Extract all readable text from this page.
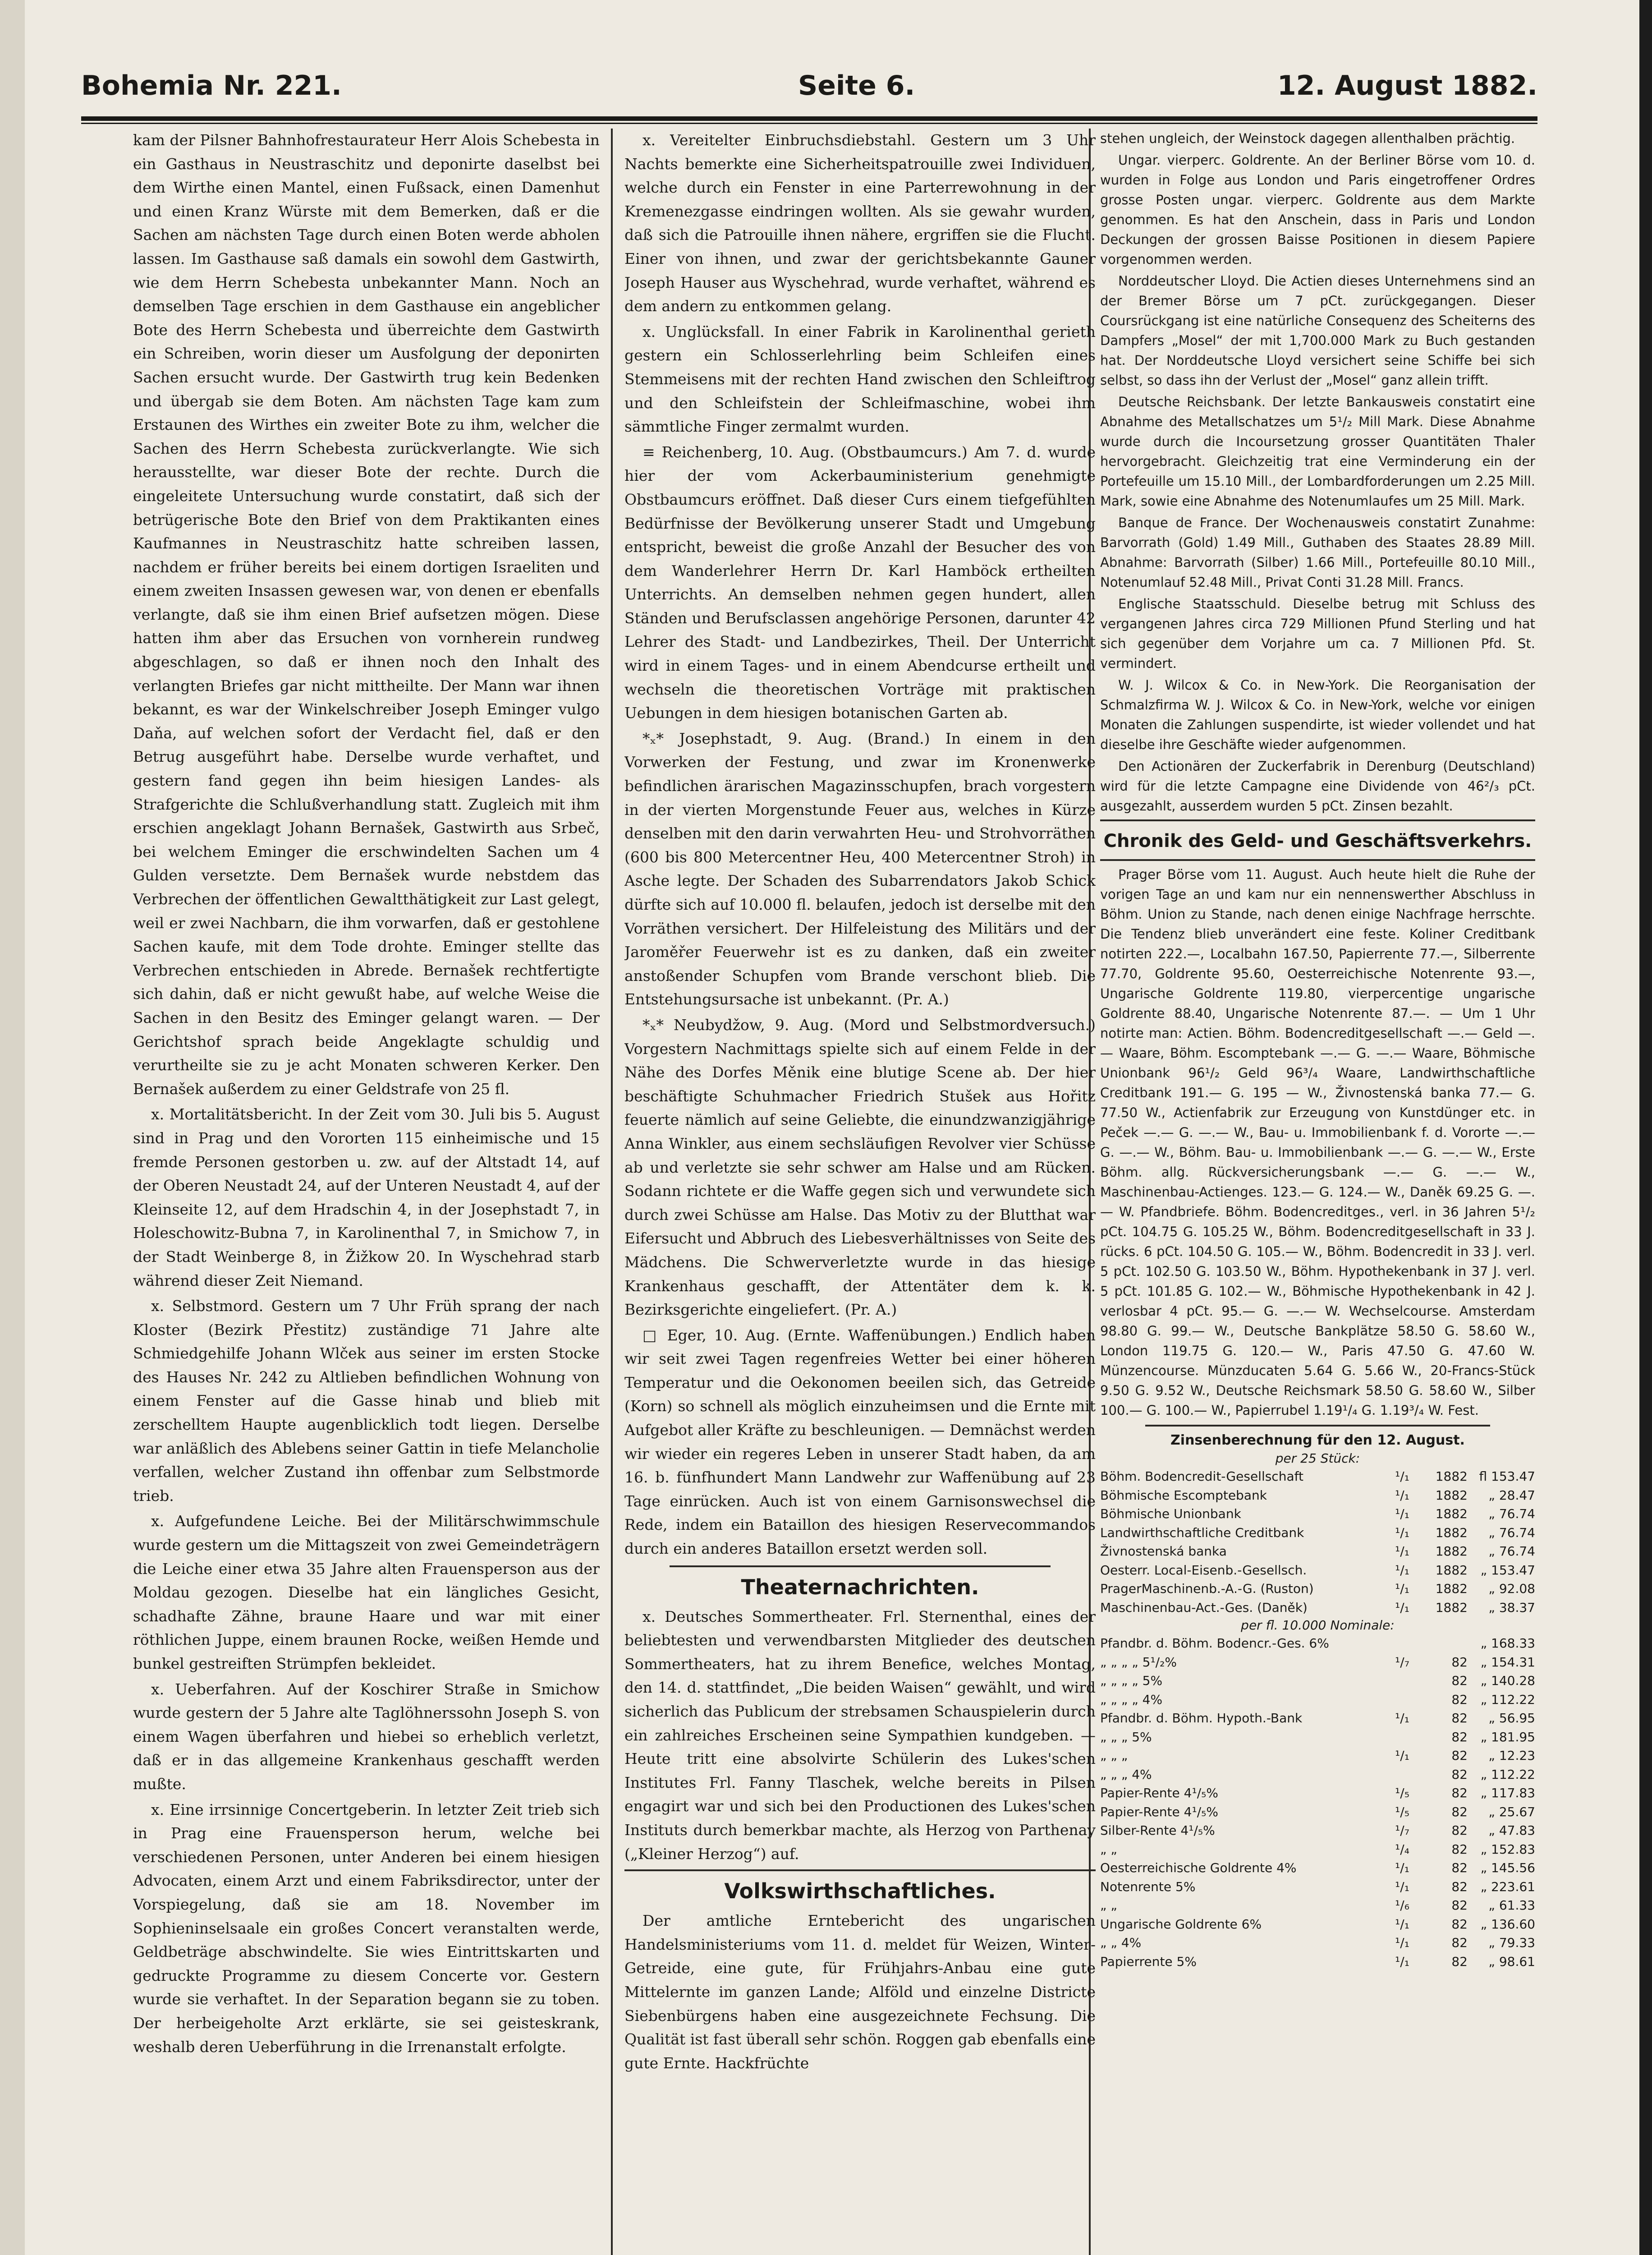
Bohemia Nr. 221.	Seite 6.	12. August 1882.

kam der Pilsner Bahnhofrestaurateur Herr Alois Schebesta in ein Gasthaus in Neustraschitz und deponirte daselbst bei dem Wirthe einen Mantel, einen Fußsack, einen Damenhut und einen Kranz Würste mit dem Bemerken, daß er die Sachen am nächsten Tage durch einen Boten werde abholen lassen. Im Gasthause saß damals ein sowohl dem Gastwirth, wie dem Herrn Schebesta unbekannter Mann. Noch an demselben Tage erschien in dem Gasthause ein angeblicher Bote des Herrn Schebesta und überreichte dem Gastwirth ein Schreiben, worin dieser um Ausfolgung der deponirten Sachen ersucht wurde. Der Gastwirth trug kein Bedenken und übergab sie dem Boten. Am nächsten Tage kam zum Erstaunen des Wirthes ein zweiter Bote zu ihm, welcher die Sachen des Herrn Schebesta zurückverlangte. Wie sich herausstellte, war dieser Bote der rechte. Durch die eingeleitete Untersuchung wurde constatirt, daß sich der betrügerische Bote den Brief von dem Praktikanten eines Kaufmannes in Neustraschitz hatte schreiben lassen, nachdem er früher bereits bei einem dortigen Israeliten und einem zweiten Insassen gewesen war, von denen er ebenfalls verlangte, daß sie ihm einen Brief aufsetzen mögen. Diese hatten ihm aber das Ersuchen von vornherein rundweg abgeschlagen, so daß er ihnen noch den Inhalt des verlangten Briefes gar nicht mittheilte. Der Mann war ihnen bekannt, es war der Winkelschreiber Joseph Eminger vulgo Daňa, auf welchen sofort der Verdacht fiel, daß er den Betrug ausgeführt habe. Derselbe wurde verhaftet, und gestern fand gegen ihn beim hiesigen Landes- als Strafgerichte die Schlußverhandlung statt. Zugleich mit ihm erschien angeklagt Johann Bernašek, Gastwirth aus Srbeč, bei welchem Eminger die erschwindelten Sachen um 4 Gulden versetzte. Dem Bernašek wurde nebstdem das Verbrechen der öffentlichen Gewaltthätigkeit zur Last gelegt, weil er zwei Nachbarn, die ihm vorwarfen, daß er gestohlene Sachen kaufe, mit dem Tode drohte. Eminger stellte das Verbrechen entschieden in Abrede. Bernašek rechtfertigte sich dahin, daß er nicht gewußt habe, auf welche Weise die Sachen in den Besitz des Eminger gelangt waren. — Der Gerichtshof sprach beide Angeklagte schuldig und verurtheilte sie zu je acht Monaten schweren Kerker. Den Bernašek außerdem zu einer Geldstrafe von 25 fl.

x. Mortalitätsbericht. In der Zeit vom 30. Juli bis 5. August sind in Prag und den Vororten 115 einheimische und 15 fremde Personen gestorben u. zw. auf der Altstadt 14, auf der Oberen Neustadt 24, auf der Unteren Neustadt 4, auf der Kleinseite 12, auf dem Hradschin 4, in der Josephstadt 7, in Holeschowitz-Bubna 7, in Karolinenthal 7, in Smichow 7, in der Stadt Weinberge 8, in Žižkow 20. In Wyschehrad starb während dieser Zeit Niemand.

x. Selbstmord. Gestern um 7 Uhr Früh sprang der nach Kloster (Bezirk Přestitz) zuständige 71 Jahre alte Schmiedgehilfe Johann Wlček aus seiner im ersten Stocke des Hauses Nr. 242 zu Altlieben befindlichen Wohnung von einem Fenster auf die Gasse hinab und blieb mit zerschelltem Haupte augenblicklich todt liegen. Derselbe war anläßlich des Ablebens seiner Gattin in tiefe Melancholie verfallen, welcher Zustand ihn offenbar zum Selbstmorde trieb.

x. Aufgefundene Leiche. Bei der Militärschwimmschule wurde gestern um die Mittagszeit von zwei Gemeindeträgern die Leiche einer etwa 35 Jahre alten Frauensperson aus der Moldau gezogen. Dieselbe hat ein längliches Gesicht, schadhafte Zähne, braune Haare und war mit einer röthlichen Juppe, einem braunen Rocke, weißen Hemde und bunkel gestreiften Strümpfen bekleidet.

x. Ueberfahren. Auf der Koschirer Straße in Smichow wurde gestern der 5 Jahre alte Taglöhnerssohn Joseph S. von einem Wagen überfahren und hiebei so erheblich verletzt, daß er in das allgemeine Krankenhaus geschafft werden mußte.

x. Eine irrsinnige Concertgeberin. In letzter Zeit trieb sich in Prag eine Frauensperson herum, welche bei verschiedenen Personen, unter Anderen bei einem hiesigen Advocaten, einem Arzt und einem Fabriksdirector, unter der Vorspiegelung, daß sie am 18. November im Sophieninselsaale ein großes Concert veranstalten werde, Geldbeträge abschwindelte. Sie wies Eintrittskarten und gedruckte Programme zu diesem Concerte vor. Gestern wurde sie verhaftet. In der Separation begann sie zu toben. Der herbeigeholte Arzt erklärte, sie sei geisteskrank, weshalb deren Ueberführung in die Irrenanstalt erfolgte.

x. Vereitelter Einbruchsdiebstahl. Gestern um 3 Uhr Nachts bemerkte eine Sicherheitspatrouille zwei Individuen, welche durch ein Fenster in eine Parterrewohnung in der Kremenezgasse eindringen wollten. Als sie gewahr wurden, daß sich die Patrouille ihnen nähere, ergriffen sie die Flucht. Einer von ihnen, und zwar der gerichtsbekannte Gauner Joseph Hauser aus Wyschehrad, wurde verhaftet, während es dem andern zu entkommen gelang.

x. Unglücksfall. In einer Fabrik in Karolinenthal gerieth gestern ein Schlosserlehrling beim Schleifen eines Stemmeisens mit der rechten Hand zwischen den Schleiftrog und den Schleifstein der Schleifmaschine, wobei ihm sämmtliche Finger zermalmt wurden.

≡ Reichenberg, 10. Aug. (Obstbaumcurs.) Am 7. d. wurde hier der vom Ackerbauministerium genehmigte Obstbaumcurs eröffnet. Daß dieser Curs einem tiefgefühlten Bedürfnisse der Bevölkerung unserer Stadt und Umgebung entspricht, beweist die große Anzahl der Besucher des von dem Wanderlehrer Herrn Dr. Karl Hamböck ertheilten Unterrichts. An demselben nehmen gegen hundert, allen Ständen und Berufsclassen angehörige Personen, darunter 42 Lehrer des Stadt- und Landbezirkes, Theil. Der Unterricht wird in einem Tages- und in einem Abendcurse ertheilt und wechseln die theoretischen Vorträge mit praktischen Uebungen in dem hiesigen botanischen Garten ab.

*ₓ* Josephstadt, 9. Aug. (Brand.) In einem in den Vorwerken der Festung, und zwar im Kronenwerke befindlichen ärarischen Magazinsschupfen, brach vorgestern in der vierten Morgenstunde Feuer aus, welches in Kürze denselben mit den darin verwahrten Heu- und Strohvorräthen (600 bis 800 Metercentner Heu, 400 Metercentner Stroh) in Asche legte. Der Schaden des Subarrendators Jakob Schick dürfte sich auf 10.000 fl. belaufen, jedoch ist derselbe mit den Vorräthen versichert. Der Hilfeleistung des Militärs und der Jaroměřer Feuerwehr ist es zu danken, daß ein zweiter anstoßender Schupfen vom Brande verschont blieb. Die Entstehungsursache ist unbekannt. (Pr. A.)

*ₓ* Neubydžow, 9. Aug. (Mord und Selbstmordversuch.) Vorgestern Nachmittags spielte sich auf einem Felde in der Nähe des Dorfes Měnik eine blutige Scene ab. Der hier beschäftigte Schuhmacher Friedrich Stušek aus Hořitz feuerte nämlich auf seine Geliebte, die einundzwanzigjährige Anna Winkler, aus einem sechsläufigen Revolver vier Schüsse ab und verletzte sie sehr schwer am Halse und am Rücken. Sodann richtete er die Waffe gegen sich und verwundete sich durch zwei Schüsse am Halse. Das Motiv zu der Blutthat war Eifersucht und Abbruch des Liebesverhältnisses von Seite des Mädchens. Die Schwerverletzte wurde in das hiesige Krankenhaus geschafft, der Attentäter dem k. k. Bezirksgerichte eingeliefert. (Pr. A.)

□ Eger, 10. Aug. (Ernte. Waffenübungen.) Endlich haben wir seit zwei Tagen regenfreies Wetter bei einer höheren Temperatur und die Oekonomen beeilen sich, das Getreide (Korn) so schnell als möglich einzuheimsen und die Ernte mit Aufgebot aller Kräfte zu beschleunigen. — Demnächst werden wir wieder ein regeres Leben in unserer Stadt haben, da am 16. b. fünfhundert Mann Landwehr zur Waffenübung auf 23 Tage einrücken. Auch ist von einem Garnisonswechsel die Rede, indem ein Bataillon des hiesigen Reservecommandos durch ein anderes Bataillon ersetzt werden soll.

Theaternachrichten.

x. Deutsches Sommertheater. Frl. Sternenthal, eines der beliebtesten und verwendbarsten Mitglieder des deutschen Sommertheaters, hat zu ihrem Benefice, welches Montag, den 14. d. stattfindet, „Die beiden Waisen“ gewählt, und wird sicherlich das Publicum der strebsamen Schauspielerin durch ein zahlreiches Erscheinen seine Sympathien kundgeben. — Heute tritt eine absolvirte Schülerin des Lukes'schen Institutes Frl. Fanny Tlaschek, welche bereits in Pilsen engagirt war und sich bei den Productionen des Lukes'schen Instituts durch bemerkbar machte, als Herzog von Parthenay („Kleiner Herzog“) auf.

Volkswirthschaftliches.

Der amtliche Erntebericht des ungarischen Handelsministeriums vom 11. d. meldet für Weizen, Winter-Getreide, eine gute, für Frühjahrs-Anbau eine gute Mittelernte im ganzen Lande; Alföld und einzelne Districte Siebenbürgens haben eine ausgezeichnete Fechsung. Die Qualität ist fast überall sehr schön. Roggen gab ebenfalls eine gute Ernte. Hackfrüchte

stehen ungleich, der Weinstock dagegen allenthalben prächtig.

Ungar. vierperc. Goldrente. An der Berliner Börse vom 10. d. wurden in Folge aus London und Paris eingetroffener Ordres grosse Posten ungar. vierperc. Goldrente aus dem Markte genommen. Es hat den Anschein, dass in Paris und London Deckungen der grossen Baisse Positionen in diesem Papiere vorgenommen werden.

Norddeutscher Lloyd. Die Actien dieses Unternehmens sind an der Bremer Börse um 7 pCt. zurückgegangen. Dieser Coursrückgang ist eine natürliche Consequenz des Scheiterns des Dampfers „Mosel“ der mit 1,700.000 Mark zu Buch gestanden hat. Der Norddeutsche Lloyd versichert seine Schiffe bei sich selbst, so dass ihn der Verlust der „Mosel“ ganz allein trifft.

Deutsche Reichsbank. Der letzte Bankausweis constatirt eine Abnahme des Metallschatzes um 5¹/₂ Mill Mark. Diese Abnahme wurde durch die Incoursetzung grosser Quantitäten Thaler hervorgebracht. Gleichzeitig trat eine Verminderung ein der Portefeuille um 15.10 Mill., der Lombardforderungen um 2.25 Mill. Mark, sowie eine Abnahme des Notenumlaufes um 25 Mill. Mark.

Banque de France. Der Wochenausweis constatirt Zunahme: Barvorrath (Gold) 1.49 Mill., Guthaben des Staates 28.89 Mill. Abnahme: Barvorrath (Silber) 1.66 Mill., Portefeuille 80.10 Mill., Notenumlauf 52.48 Mill., Privat Conti 31.28 Mill. Francs.

Englische Staatsschuld. Dieselbe betrug mit Schluss des vergangenen Jahres circa 729 Millionen Pfund Sterling und hat sich gegenüber dem Vorjahre um ca. 7 Millionen Pfd. St. vermindert.

W. J. Wilcox & Co. in New-York. Die Reorganisation der Schmalzfirma W. J. Wilcox & Co. in New-York, welche vor einigen Monaten die Zahlungen suspendirte, ist wieder vollendet und hat dieselbe ihre Geschäfte wieder aufgenommen.

Den Actionären der Zuckerfabrik in Derenburg (Deutschland) wird für die letzte Campagne eine Dividende von 46²/₃ pCt. ausgezahlt, ausserdem wurden 5 pCt. Zinsen bezahlt.

Chronik des Geld- und Geschäftsverkehrs.

Prager Börse vom 11. August. Auch heute hielt die Ruhe der vorigen Tage an und kam nur ein nennenswerther Abschluss in Böhm. Union zu Stande, nach denen einige Nachfrage herrschte. Die Tendenz blieb unverändert eine feste. Koliner Creditbank notirten 222.—, Localbahn 167.50, Papierrente 77.—, Silberrente 77.70, Goldrente 95.60, Oesterreichische Notenrente 93.—, Ungarische Goldrente 119.80, vierpercentige ungarische Goldrente 88.40, Ungarische Notenrente 87.—. — Um 1 Uhr notirte man: Actien. Böhm. Bodencreditgesellschaft —.— Geld —.— Waare, Böhm. Escomptebank —.— G. —.— Waare, Böhmische Unionbank 96¹/₂ Geld 96³/₄ Waare, Landwirthschaftliche Creditbank 191.— G. 195 — W., Živnostenská banka 77.— G. 77.50 W., Actienfabrik zur Erzeugung von Kunstdünger etc. in Peček —.— G. —.— W., Bau- u. Immobilienbank f. d. Vororte —.— G. —.— W., Böhm. Bau- u. Immobilienbank —.— G. —.— W., Erste Böhm. allg. Rückversicherungsbank —.— G. —.— W., Maschinenbau-Actienges. 123.— G. 124.— W., Daněk 69.25 G. —.— W. Pfandbriefe. Böhm. Bodencreditges., verl. in 36 Jahren 5¹/₂ pCt. 104.75 G. 105.25 W., Böhm. Bodencreditgesellschaft in 33 J. rücks. 6 pCt. 104.50 G. 105.— W., Böhm. Bodencredit in 33 J. verl. 5 pCt. 102.50 G. 103.50 W., Böhm. Hypothekenbank in 37 J. verl. 5 pCt. 101.85 G. 102.— W., Böhmische Hypothekenbank in 42 J. verlosbar 4 pCt. 95.— G. —.— W. Wechselcourse. Amsterdam 98.80 G. 99.— W., Deutsche Bankplätze 58.50 G. 58.60 W., London 119.75 G. 120.— W., Paris 47.50 G. 47.60 W. Münzencourse. Münzducaten 5.64 G. 5.66 W., 20-Francs-Stück 9.50 G. 9.52 W., Deutsche Reichsmark 58.50 G. 58.60 W., Silber 100.— G. 100.— W., Papierrubel 1.19¹/₄ G. 1.19³/₄ W. Fest.

Zinsenberechnung für den 12. August.
per 25 Stück:
Böhm. Bodencredit-Gesellschaft	¹/₁	1882	fl 153.47
Böhmische Escomptebank	¹/₁	1882	„ 28.47
Böhmische Unionbank	¹/₁	1882	„ 76.74
Landwirthschaftliche Creditbank	¹/₁	1882	„ 76.74
Živnostenská banka	¹/₁	1882	„ 76.74
Oesterr. Local-Eisenb.-Gesellsch.	¹/₁	1882	„ 153.47
PragerMaschinenb.-A.-G. (Ruston)	¹/₁	1882	„ 92.08
Maschinenbau-Act.-Ges. (Daněk)	¹/₁	1882	„ 38.37
per fl. 10.000 Nominale:
Pfandbr. d. Böhm. Bodencr.-Ges. 6%			„ 168.33
„ „ „ „ 5¹/₂%	¹/₇	82	„ 154.31
„ „ „ „ 5%		82	„ 140.28
„ „ „ „ 4%		82	„ 112.22
Pfandbr. d. Böhm. Hypoth.-Bank	¹/₁	82	„ 56.95
„ „ „ 5%		82	„ 181.95
„ „ „	¹/₁	82	„ 12.23
„ „ „ 4%		82	„ 112.22
Papier-Rente 4¹/₅%	¹/₅	82	„ 117.83
Papier-Rente 4¹/₅%	¹/₅	82	„ 25.67
Silber-Rente 4¹/₅%	¹/₇	82	„ 47.83
„ „	¹/₄	82	„ 152.83
Oesterreichische Goldrente 4%	¹/₁	82	„ 145.56
Notenrente 5%	¹/₁	82	„ 223.61
„ „	¹/₆	82	„ 61.33
Ungarische Goldrente 6%	¹/₁	82	„ 136.60
„ „ 4%	¹/₁	82	„ 79.33
Papierrente 5%	¹/₁	82	„ 98.61
